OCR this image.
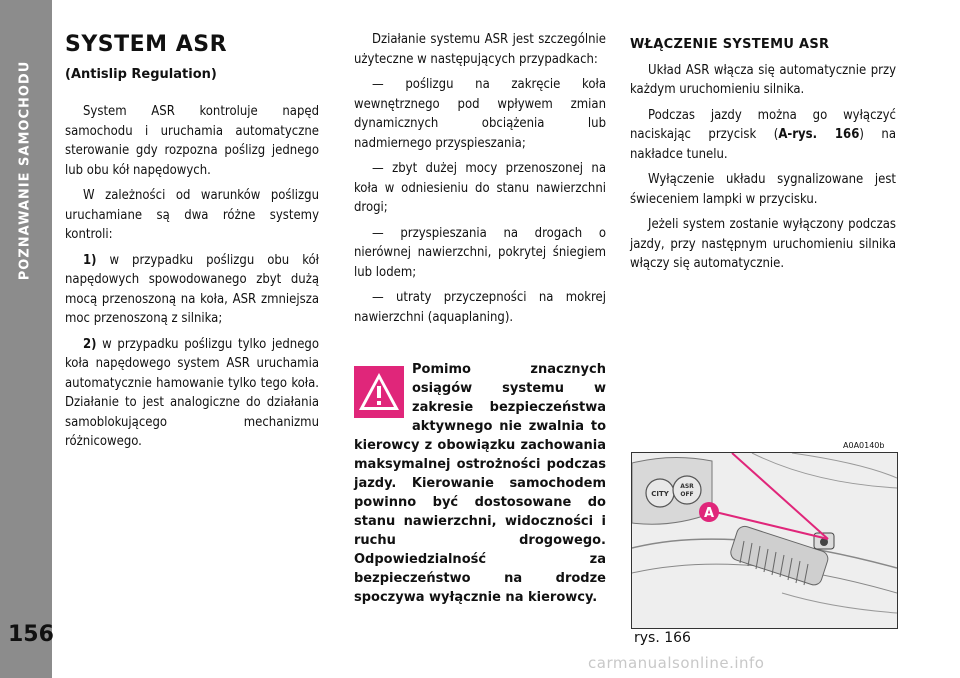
POZNAWANIE SAMOCHODU
156
SYSTEM ASR
(Antislip Regulation)

System ASR kontroluje napęd samochodu i uruchamia automatyczne sterowanie gdy rozpozna poślizg jednego lub obu kół napędowych.

W zależności od warunków poślizgu uruchamiane są dwa różne systemy kontroli:

1) w przypadku poślizgu obu kół napędowych spowodowanego zbyt dużą mocą przenoszoną na koła, ASR zmniejsza moc przenoszoną z silnika;

2) w przypadku poślizgu tylko jednego koła napędowego system ASR uruchamia automatycznie hamowanie tylko tego koła. Działanie to jest analogiczne do działania samoblokującego mechanizmu różnicowego.

Działanie systemu ASR jest szczególnie użyteczne w następujących przypadkach:

— poślizgu na zakręcie koła wewnętrznego pod wpływem zmian dynamicznych obciążenia lub nadmiernego przyspieszania;

— zbyt dużej mocy przenoszonej na koła w odniesieniu do stanu nawierzchni drogi;

— przyspieszania na drogach o nierównej nawierzchni, pokrytej śniegiem lub lodem;

— utraty przyczepności na mokrej nawierzchni (aquaplaning).

Pomimo znacznych osiągów systemu w zakresie bezpieczeństwa aktywnego nie zwalnia to kierowcy z obowiązku zachowania maksymalnej ostrożności podczas jazdy. Kierowanie samochodem powinno być dostosowane do stanu nawierzchni, widoczności i ruchu drogowego. Odpowiedzialność za bezpieczeństwo na drodze spoczywa wyłącznie na kierowcy.
WŁĄCZENIE SYSTEMU ASR

Układ ASR włącza się automatycznie przy każdym uruchomieniu silnika.

Podczas jazdy można go wyłączyć naciskając przycisk (A-rys. 166) na nakładce tunelu.

Wyłączenie układu sygnalizowane jest świeceniem lampki w przycisku.

Jeżeli system zostanie wyłączony podczas jazdy, przy następnym uruchomieniu silnika włączy się automatycznie.

A0A0140b
CITY
ASR
OFF
A
rys. 166
carmanualsonline.info
